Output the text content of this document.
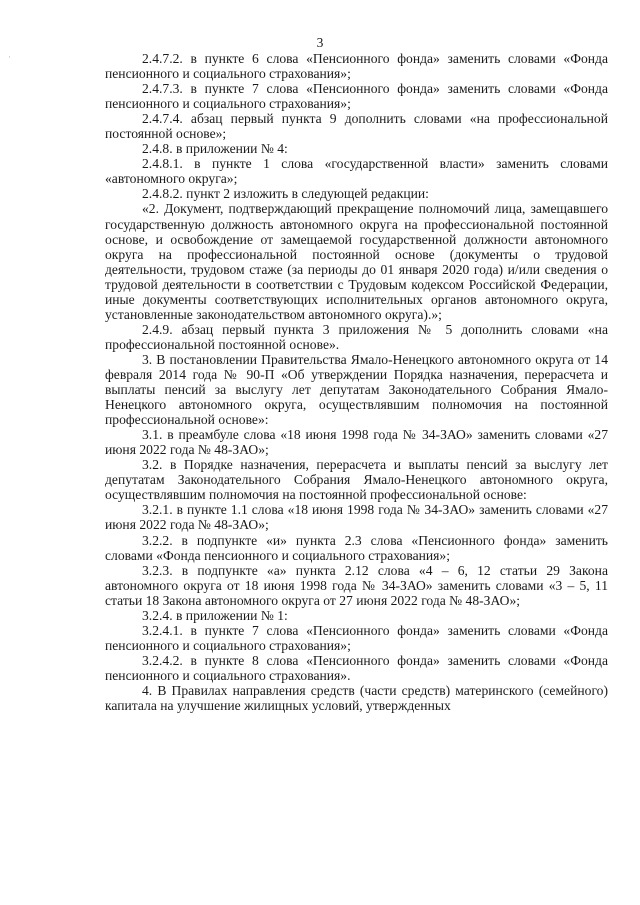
·
3

2.4.7.2. в пункте 6 слова «Пенсионного фонда» заменить словами «Фонда пенсионного и социального страхования»;

2.4.7.3. в пункте 7 слова «Пенсионного фонда» заменить словами «Фонда пенсионного и социального страхования»;

2.4.7.4. абзац первый пункта 9 дополнить словами «на профессиональной постоянной основе»;

2.4.8. в приложении № 4:

2.4.8.1. в пункте 1 слова «государственной власти» заменить словами «автономного округа»;

2.4.8.2. пункт 2 изложить в следующей редакции:

«2. Документ, подтверждающий прекращение полномочий лица, замещавшего государственную должность автономного округа на профессиональной постоянной основе, и освобождение от замещаемой государственной должности автономного округа на профессиональной постоянной основе (документы о трудовой деятельности, трудовом стаже (за периоды до 01 января 2020 года) и/или сведения о трудовой деятельности в соответствии с Трудовым кодексом Российской Федерации, иные документы соответствующих исполнительных органов автономного округа, установленные законодательством автономного округа).»;

2.4.9. абзац первый пункта 3 приложения № 5 дополнить словами «на профессиональной постоянной основе».

3. В постановлении Правительства Ямало-Ненецкого автономного округа от 14 февраля 2014 года № 90-П «Об утверждении Порядка назначения, перерасчета и выплаты пенсий за выслугу лет депутатам Законодательного Собрания Ямало-Ненецкого автономного округа, осуществлявшим полномочия на постоянной профессиональной основе»:

3.1. в преамбуле слова «18 июня 1998 года № 34-ЗАО» заменить словами «27 июня 2022 года № 48-ЗАО»;

3.2. в Порядке назначения, перерасчета и выплаты пенсий за выслугу лет депутатам Законодательного Собрания Ямало-Ненецкого автономного округа, осуществлявшим полномочия на постоянной профессиональной основе:

3.2.1. в пункте 1.1 слова «18 июня 1998 года № 34-ЗАО» заменить словами «27 июня 2022 года № 48-ЗАО»;

3.2.2. в подпункте «и» пункта 2.3 слова «Пенсионного фонда» заменить словами «Фонда пенсионного и социального страхования»;

3.2.3. в подпункте «а» пункта 2.12 слова «4 – 6, 12 статьи 29 Закона автономного округа от 18 июня 1998 года № 34-ЗАО» заменить словами «3 – 5, 11 статьи 18 Закона автономного округа от 27 июня 2022 года № 48-ЗАО»;

3.2.4. в приложении № 1:

3.2.4.1. в пункте 7 слова «Пенсионного фонда» заменить словами «Фонда пенсионного и социального страхования»;

3.2.4.2. в пункте 8 слова «Пенсионного фонда» заменить словами «Фонда пенсионного и социального страхования».

4. В Правилах направления средств (части средств) материнского (семейного) капитала на улучшение жилищных условий, утвержденных
